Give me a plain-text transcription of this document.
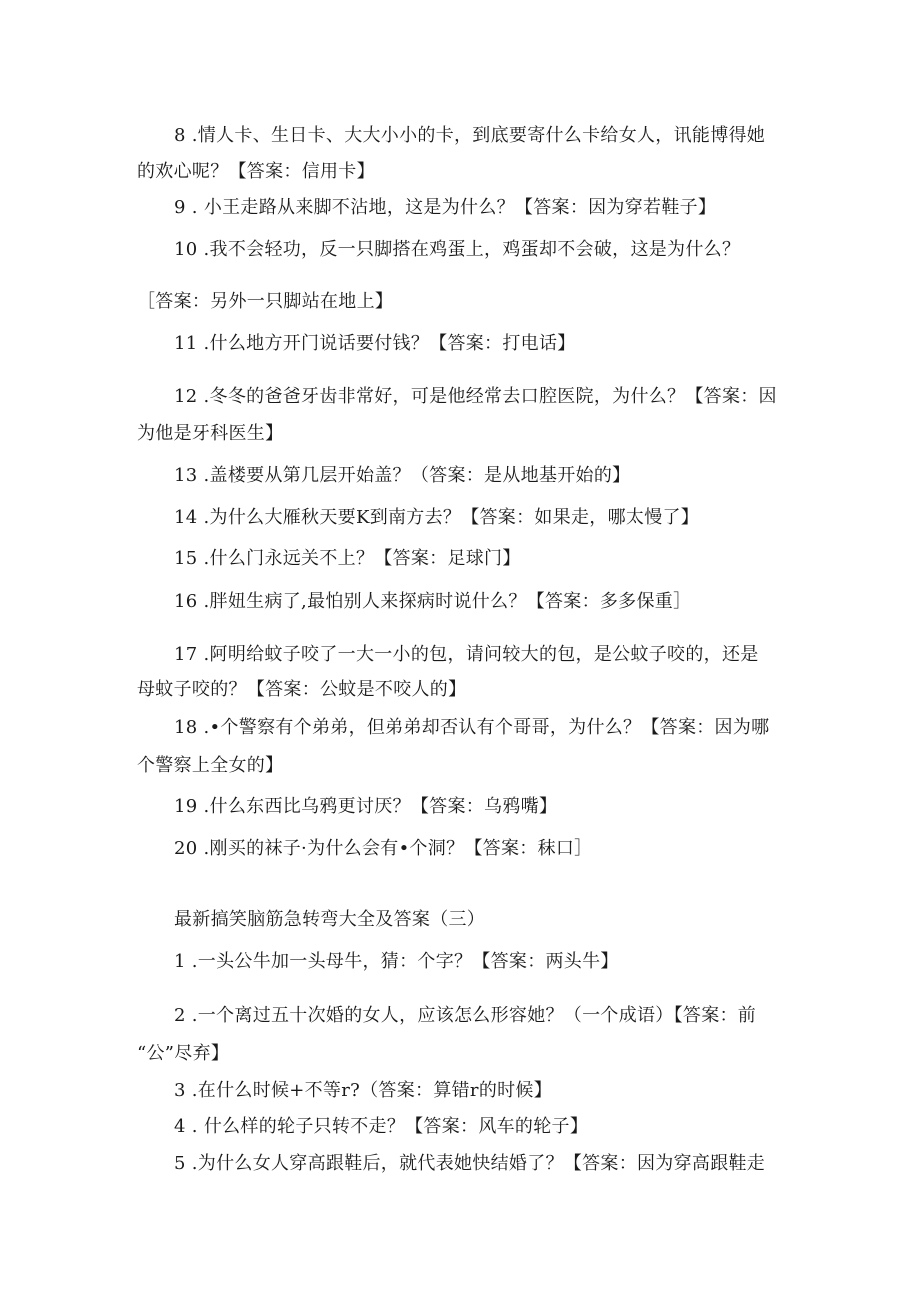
8 .情人卡、生日卡、大大小小的卡，到底要寄什么卡给女人，讯能博得她
的欢心呢？【答案：信用卡】
9 . 小王走路从来脚不沾地，这是为什么？【答案：因为穿若鞋子】
10 .我不会轻功，反一只脚搭在鸡蛋上，鸡蛋却不会破，这是为什么？
［答案：另外一只脚站在地上】
11 .什么地方开门说话要付钱？【答案：打电话】
12 .冬冬的爸爸牙齿非常好，可是他经常去口腔医院，为什么？【答案：因
为他是牙科医生】
13 .盖楼要从第几层开始盖？（答案：是从地基开始的】
14 .为什么大雁秋天要K到南方去？【答案：如果走，哪太慢了】
15 .什么门永远关不上？【答案：足球门】
16 .胖妞生病了,最怕别人来探病时说什么？【答案：多多保重］
17 .阿明给蚊子咬了一大一小的包，请问较大的包，是公蚊子咬的，还是
母蚊子咬的？【答案：公蚊是不咬人的】
18 .•个警察有个弟弟，但弟弟却否认有个哥哥，为什么？【答案：因为哪
个警察上全女的】
19 .什么东西比乌鸦更讨厌？【答案：乌鸦嘴】
20 .刚买的袜子·为什么会有•个洞？【答案：秣口］
最新搞笑脑筋急转弯大全及答案（三）
1 .一头公牛加一头母牛，猜：个字？【答案：两头牛】
2 .一个离过五十次婚的女人，应该怎么形容她？（一个成语）【答案：前
“公”尽弃】
3 .在什么时候+不等r?（答案：算错r的时候】
4 . 什么样的轮子只转不走？【答案：风车的轮子】
5 .为什么女人穿高跟鞋后，就代表她快结婚了？【答案：因为穿高跟鞋走
